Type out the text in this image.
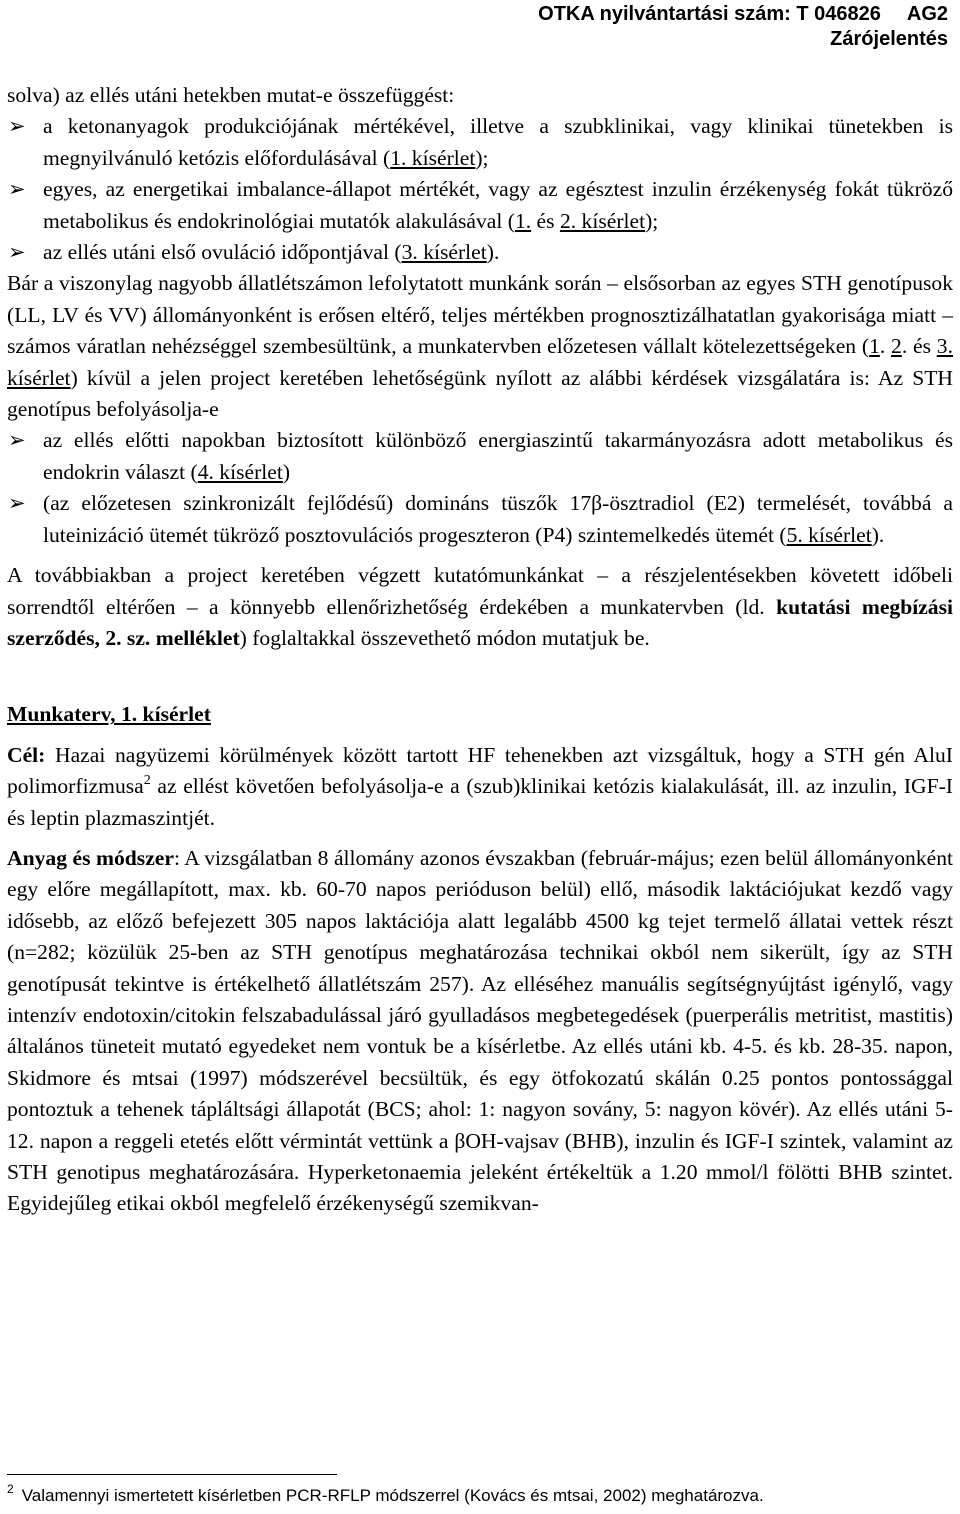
OTKA nyilvántartási szám: T 046826 AG2
Zárójelentés

solva) az ellés utáni hetekben mutat-e összefüggést:

➢ a ketonanyagok produkciójának mértékével, illetve a szubklinikai, vagy klinikai tünetekben is megnyilvánuló ketózis előfordulásával (1. kísérlet);
➢ egyes, az energetikai imbalance-állapot mértékét, vagy az egésztest inzulin érzékenység fokát tükröző metabolikus és endokrinológiai mutatók alakulásával (1. és 2. kísérlet);
➢ az ellés utáni első ovuláció időpontjával (3. kísérlet).

Bár a viszonylag nagyobb állatlétszámon lefolytatott munkánk során – elsősorban az egyes STH genotípusok (LL, LV és VV) állományonként is erősen eltérő, teljes mértékben prognosztizálhatatlan gyakorisága miatt – számos váratlan nehézséggel szembesültünk, a munkatervben előzetesen vállalt kötelezettségeken (1. 2. és 3. kísérlet) kívül a jelen project keretében lehetőségünk nyílott az alábbi kérdések vizsgálatára is: Az STH genotípus befolyásolja-e

➢ az ellés előtti napokban biztosított különböző energiaszintű takarmányozásra adott metabolikus és endokrin választ (4. kísérlet)
➢ (az előzetesen szinkronizált fejlődésű) domináns tüszők 17β-ösztradiol (E2) termelését, továbbá a luteinizáció ütemét tükröző posztovulációs progeszteron (P4) szintemelkedés ütemét (5. kísérlet).

A továbbiakban a project keretében végzett kutatómunkánkat – a részjelentésekben követett időbeli sorrendtől eltérően – a könnyebb ellenőrizhetőség érdekében a munkatervben (ld. kutatási megbízási szerződés, 2. sz. melléklet) foglaltakkal összevethető módon mutatjuk be.

Munkaterv, 1. kísérlet

Cél: Hazai nagyüzemi körülmények között tartott HF tehenekben azt vizsgáltuk, hogy a STH gén AluI polimorfizmusa$^2$ az ellést követően befolyásolja-e a (szub)klinikai ketózis kialakulását, ill. az inzulin, IGF-I és leptin plazmaszintjét.

Anyag és módszer: A vizsgálatban 8 állomány azonos évszakban (február-május; ezen belül állományonként egy előre megállapított, max. kb. 60-70 napos perióduson belül) ellő, második laktációjukat kezdő vagy idősebb, az előző befejezett 305 napos laktációja alatt legalább 4500 kg tejet termelő állatai vettek részt (n=282; közülük 25-ben az STH genotípus meghatározása technikai okból nem sikerült, így az STH genotípusát tekintve is értékelhető állatlétszám 257). Az elléséhez manuális segítségnyújtást igénylő, vagy intenzív endotoxin/citokin felszabadulással járó gyulladásos megbetegedések (puerperális metritist, mastitis) általános tüneteit mutató egyedeket nem vontuk be a kísérletbe. Az ellés utáni kb. 4-5. és kb. 28-35. napon, Skidmore és mtsai (1997) módszerével becsültük, és egy ötfokozatú skálán 0.25 pontos pontossággal pontoztuk a tehenek tápláltsági állapotát (BCS; ahol: 1: nagyon sovány, 5: nagyon kövér). Az ellés utáni 5-12. napon a reggeli etetés előtt vérmintát vettünk a βOH-vajsav (BHB), inzulin és IGF-I szintek, valamint az STH genotipus meghatározására. Hyperketonaemia jeleként értékeltük a 1.20 mmol/l fölötti BHB szintet. Egyidejűleg etikai okból megfelelő érzékenységű szemikvan-

$^2$ Valamennyi ismertetett kísérletben PCR-RFLP módszerrel (Kovács és mtsai, 2002) meghatározva.
